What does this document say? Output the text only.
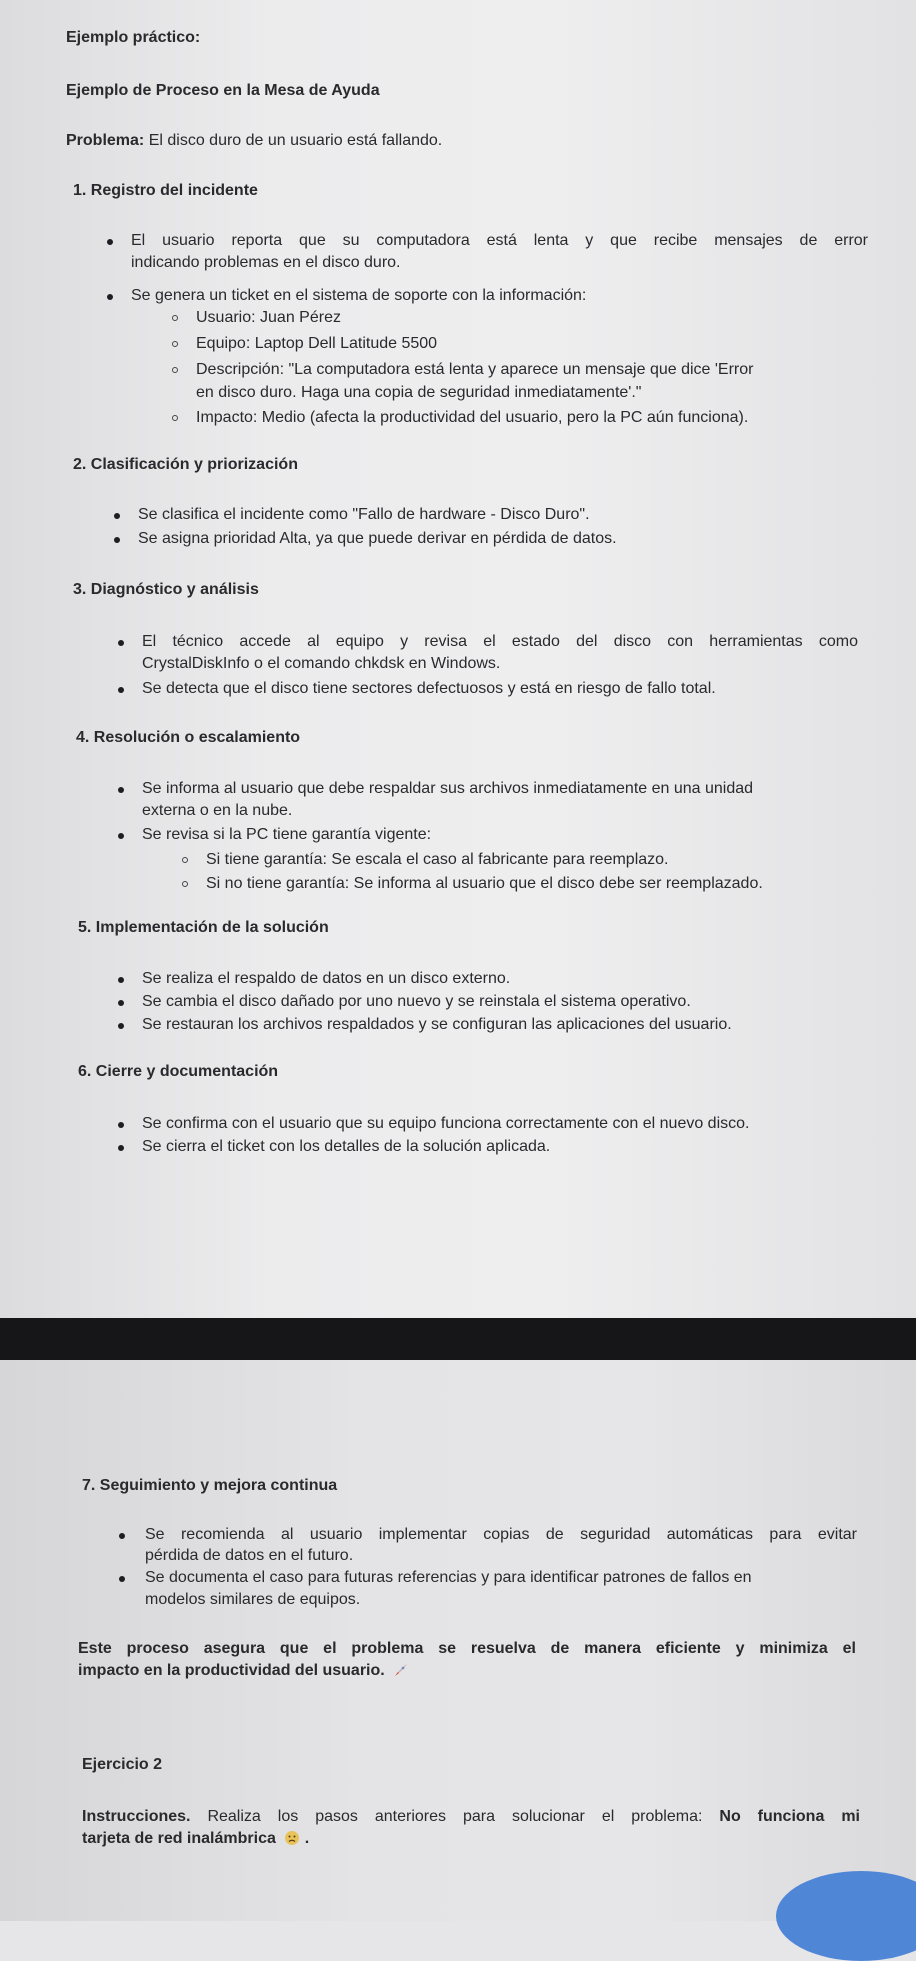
Ejemplo práctico:
Ejemplo de Proceso en la Mesa de Ayuda
Problema: El disco duro de un usuario está fallando.
1. Registro del incidente
El usuario reporta que su computadora está lenta y que recibe mensajes de error
indicando problemas en el disco duro.
Se genera un ticket en el sistema de soporte con la información:
Usuario: Juan Pérez
Equipo: Laptop Dell Latitude 5500
Descripción: "La computadora está lenta y aparece un mensaje que dice 'Error
en disco duro. Haga una copia de seguridad inmediatamente'."
Impacto: Medio (afecta la productividad del usuario, pero la PC aún funciona).
2. Clasificación y priorización
Se clasifica el incidente como "Fallo de hardware - Disco Duro".
Se asigna prioridad Alta, ya que puede derivar en pérdida de datos.
3. Diagnóstico y análisis
El técnico accede al equipo y revisa el estado del disco con herramientas como
CrystalDiskInfo o el comando chkdsk en Windows.
Se detecta que el disco tiene sectores defectuosos y está en riesgo de fallo total.
4. Resolución o escalamiento
Se informa al usuario que debe respaldar sus archivos inmediatamente en una unidad
externa o en la nube.
Se revisa si la PC tiene garantía vigente:
Si tiene garantía: Se escala el caso al fabricante para reemplazo.
Si no tiene garantía: Se informa al usuario que el disco debe ser reemplazado.
5. Implementación de la solución
Se realiza el respaldo de datos en un disco externo.
Se cambia el disco dañado por uno nuevo y se reinstala el sistema operativo.
Se restauran los archivos respaldados y se configuran las aplicaciones del usuario.
6. Cierre y documentación
Se confirma con el usuario que su equipo funciona correctamente con el nuevo disco.
Se cierra el ticket con los detalles de la solución aplicada.
7. Seguimiento y mejora continua
Se recomienda al usuario implementar copias de seguridad automáticas para evitar
pérdida de datos en el futuro.
Se documenta el caso para futuras referencias y para identificar patrones de fallos en
modelos similares de equipos.
Este proceso asegura que el problema se resuelva de manera eficiente y minimiza el
impacto en la productividad del usuario.
Ejercicio 2
Instrucciones. Realiza los pasos anteriores para solucionar el problema: No funciona mi
tarjeta de red inalámbrica .
